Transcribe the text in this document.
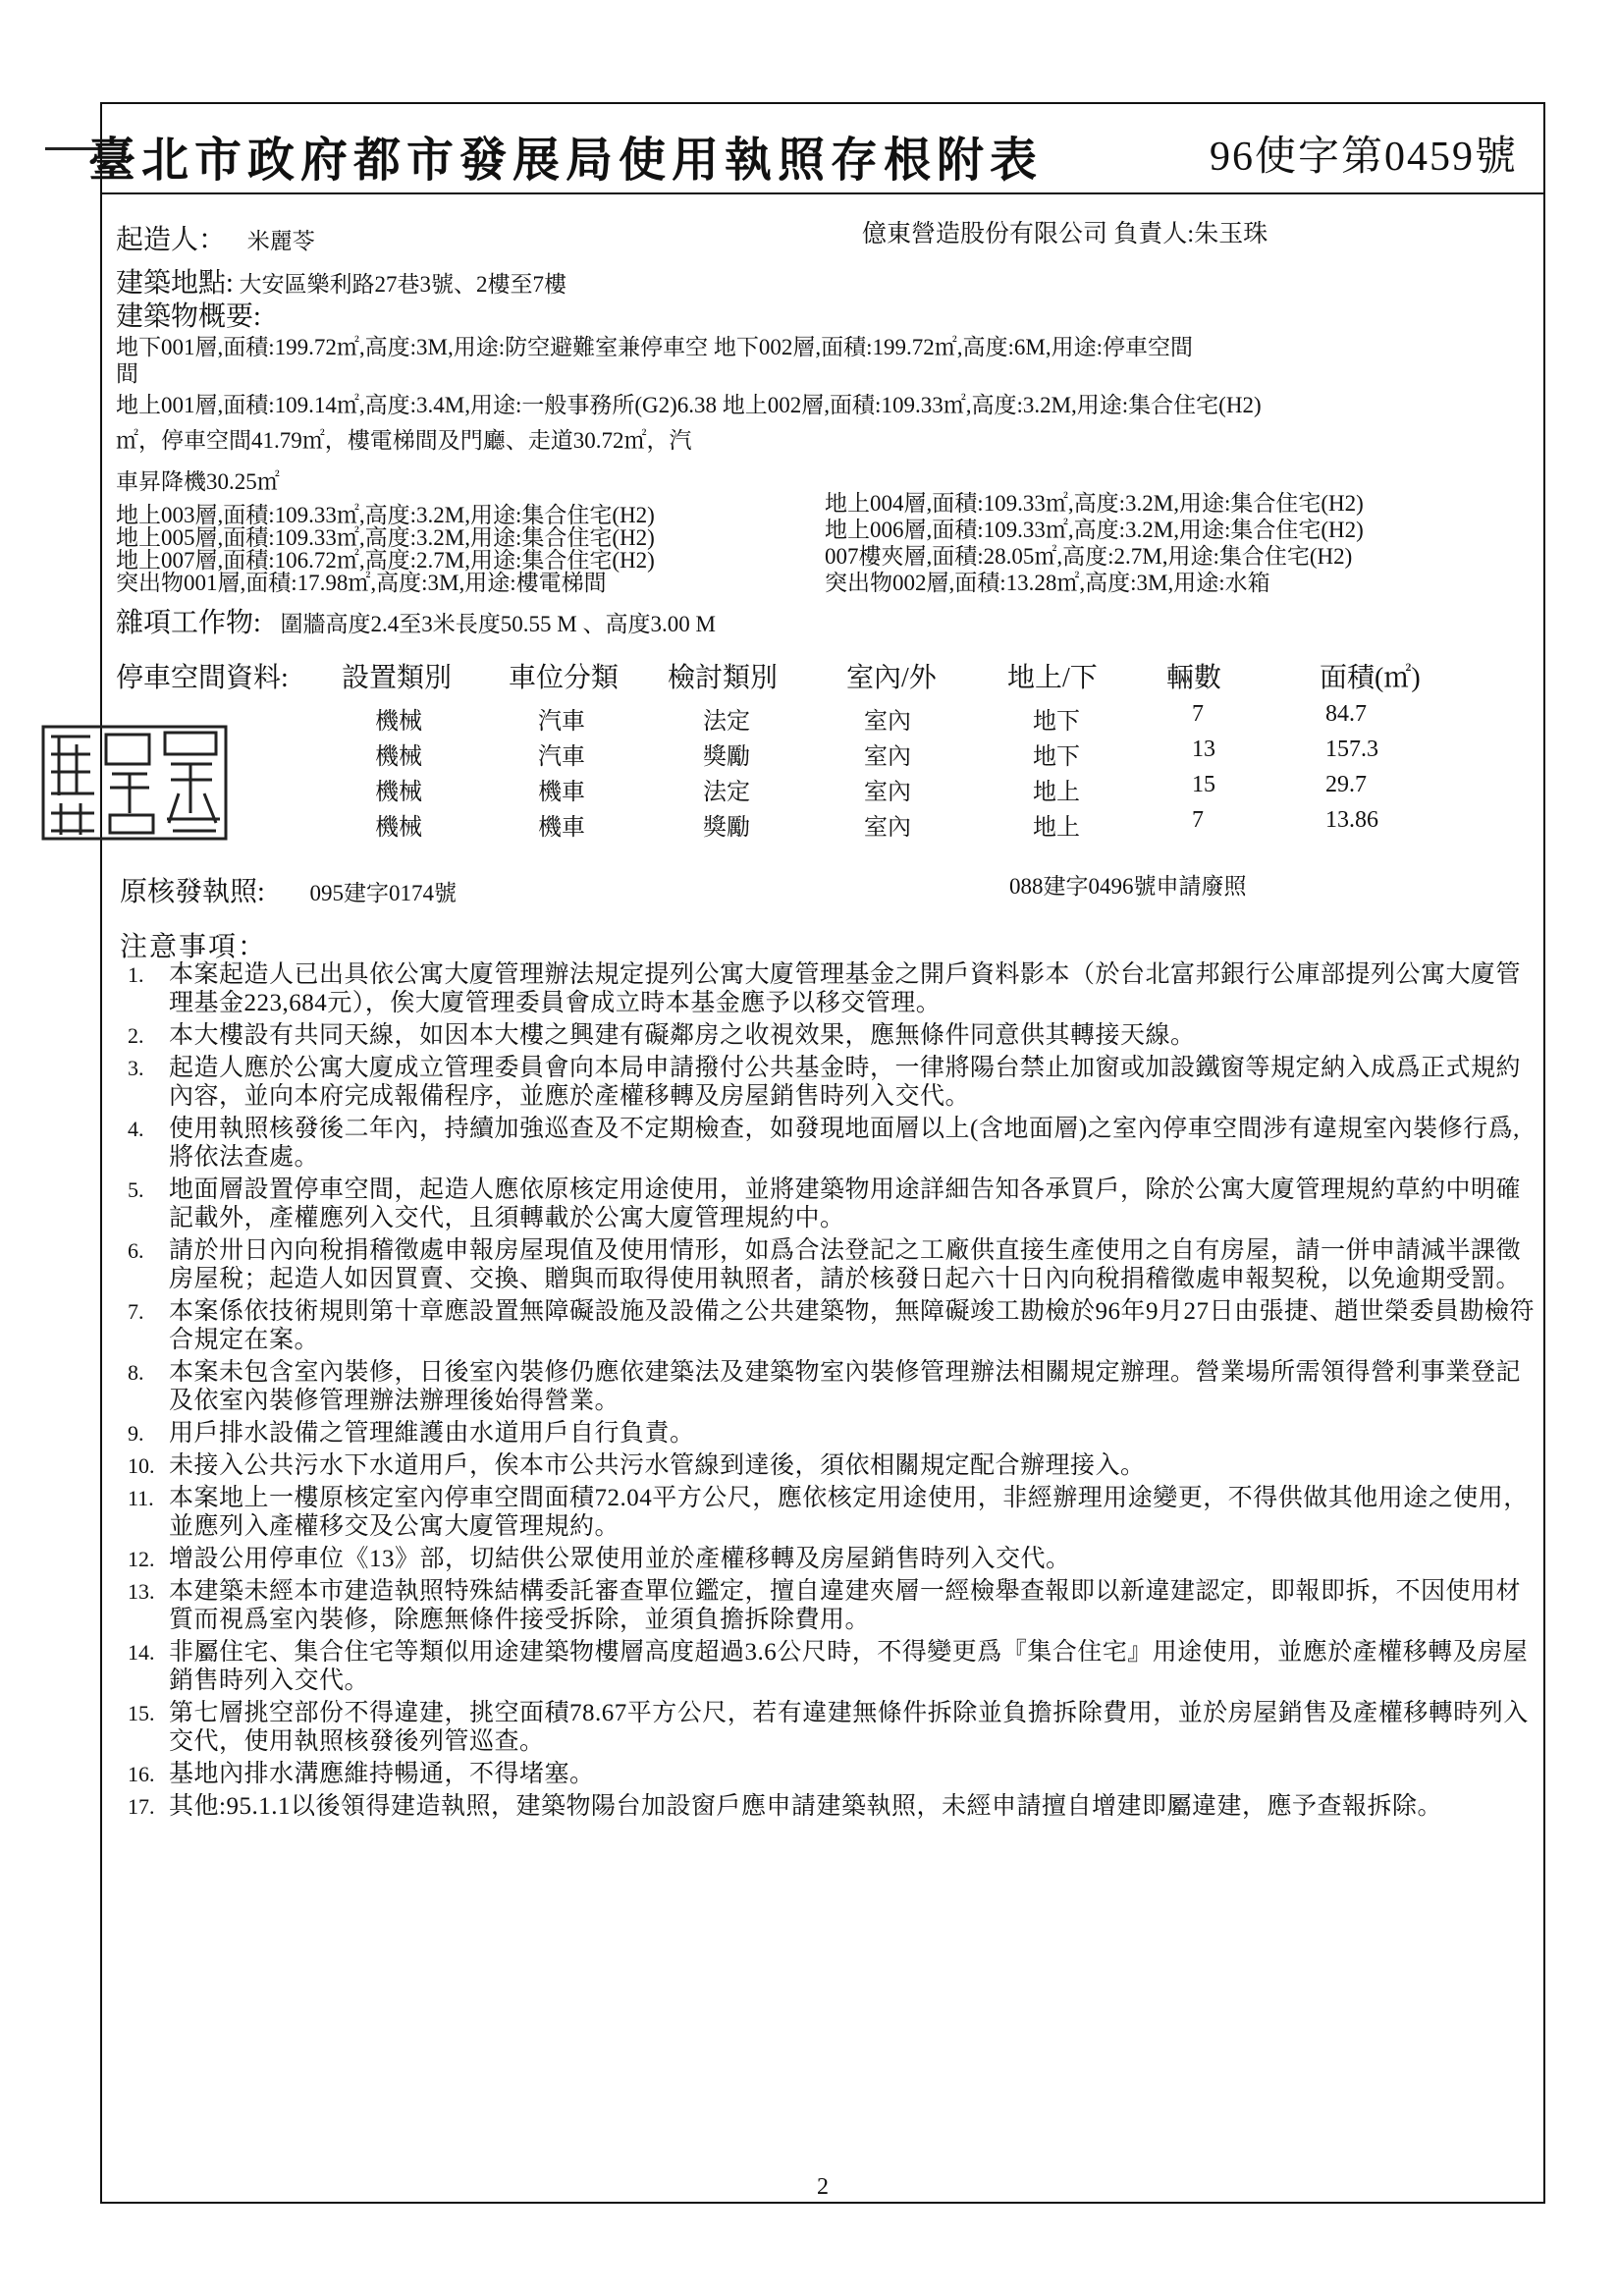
臺北市政府都市發展局使用執照存根附表	96使字第0459號
起造人： 米麗苓	億東營造股份有限公司 負責人:朱玉珠
建築地點: 大安區樂利路27巷3號、2樓至7樓
建築物概要:
地下001層,面積:199.72㎡,高度:3M,用途:防空避難室兼停車空 地下002層,面積:199.72㎡,高度:6M,用途:停車空間
間
地上001層,面積:109.14㎡,高度:3.4M,用途:一般事務所(G2)6.38 地上002層,面積:109.33㎡,高度:3.2M,用途:集合住宅(H2)
㎡，停車空間41.79㎡，樓電梯間及門廳、走道30.72㎡，汽
車昇降機30.25㎡
地上003層,面積:109.33㎡,高度:3.2M,用途:集合住宅(H2)
地上005層,面積:109.33㎡,高度:3.2M,用途:集合住宅(H2)
地上007層,面積:106.72㎡,高度:2.7M,用途:集合住宅(H2)
突出物001層,面積:17.98㎡,高度:3M,用途:樓電梯間
地上004層,面積:109.33㎡,高度:3.2M,用途:集合住宅(H2)
地上006層,面積:109.33㎡,高度:3.2M,用途:集合住宅(H2)
007樓夾層,面積:28.05㎡,高度:2.7M,用途:集合住宅(H2)
突出物002層,面積:13.28㎡,高度:3M,用途:水箱
雜項工作物: 圍牆高度2.4至3米長度50.55 M 、高度3.00 M
停車空間資料: 設置類別 車位分類 檢討類別 室內/外	地上/下	輛數	面積(㎡)
機械	汽車	法定	室內	地下	7	84.7
機械	汽車	獎勵	室內	地下	13	157.3
機械	機車	法定	室內	地上	15	29.7
機械	機車	獎勵	室內	地上	7	13.86
原核發執照: 095建字0174號	088建字0496號申請廢照
注意事項：
1.	本案起造人已出具依公寓大廈管理辦法規定提列公寓大廈管理基金之開戶資料影本（於台北富邦銀行公庫部提列公寓大廈管理基金223,684元），俟大廈管理委員會成立時本基金應予以移交管理。
2.	本大樓設有共同天線，如因本大樓之興建有礙鄰房之收視效果，應無條件同意供其轉接天線。
3.	起造人應於公寓大廈成立管理委員會向本局申請撥付公共基金時，一律將陽台禁止加窗或加設鐵窗等規定納入成爲正式規約內容，並向本府完成報備程序，並應於產權移轉及房屋銷售時列入交代。
4.	使用執照核發後二年內，持續加強巡查及不定期檢查，如發現地面層以上(含地面層)之室內停車空間涉有違規室內裝修行爲,將依法查處。
5.	地面層設置停車空間，起造人應依原核定用途使用，並將建築物用途詳細告知各承買戶，除於公寓大廈管理規約草約中明確記載外，產權應列入交代，且須轉載於公寓大廈管理規約中。
6.	請於卅日內向稅捐稽徵處申報房屋現值及使用情形，如爲合法登記之工廠供直接生產使用之自有房屋，請一併申請減半課徵房屋稅；起造人如因買賣、交換、贈與而取得使用執照者，請於核發日起六十日內向稅捐稽徵處申報契稅，以免逾期受罰。
7.	本案係依技術規則第十章應設置無障礙設施及設備之公共建築物，無障礙竣工勘檢於96年9月27日由張捷、趙世榮委員勘檢符合規定在案。
8.	本案未包含室內裝修，日後室內裝修仍應依建築法及建築物室內裝修管理辦法相關規定辦理。營業場所需領得營利事業登記及依室內裝修管理辦法辦理後始得營業。
9.	用戶排水設備之管理維護由水道用戶自行負責。
10. 未接入公共污水下水道用戶，俟本市公共污水管線到達後，須依相關規定配合辦理接入。
11. 本案地上一樓原核定室內停車空間面積72.04平方公尺，應依核定用途使用，非經辦理用途變更，不得供做其他用途之使用，並應列入產權移交及公寓大廈管理規約。
12. 增設公用停車位《13》部，切結供公眾使用並於產權移轉及房屋銷售時列入交代。
13. 本建築未經本市建造執照特殊結構委託審查單位鑑定，擅自違建夾層一經檢舉查報即以新違建認定，即報即拆，不因使用材質而視爲室內裝修，除應無條件接受拆除，並須負擔拆除費用。
14. 非屬住宅、集合住宅等類似用途建築物樓層高度超過3.6公尺時，不得變更爲『集合住宅』用途使用，並應於產權移轉及房屋銷售時列入交代。
15. 第七層挑空部份不得違建，挑空面積78.67平方公尺，若有違建無條件拆除並負擔拆除費用，並於房屋銷售及產權移轉時列入交代，使用執照核發後列管巡查。
16. 基地內排水溝應維持暢通，不得堵塞。
17. 其他:95.1.1以後領得建造執照，建築物陽台加設窗戶應申請建築執照，未經申請擅自增建即屬違建，應予查報拆除。
2
